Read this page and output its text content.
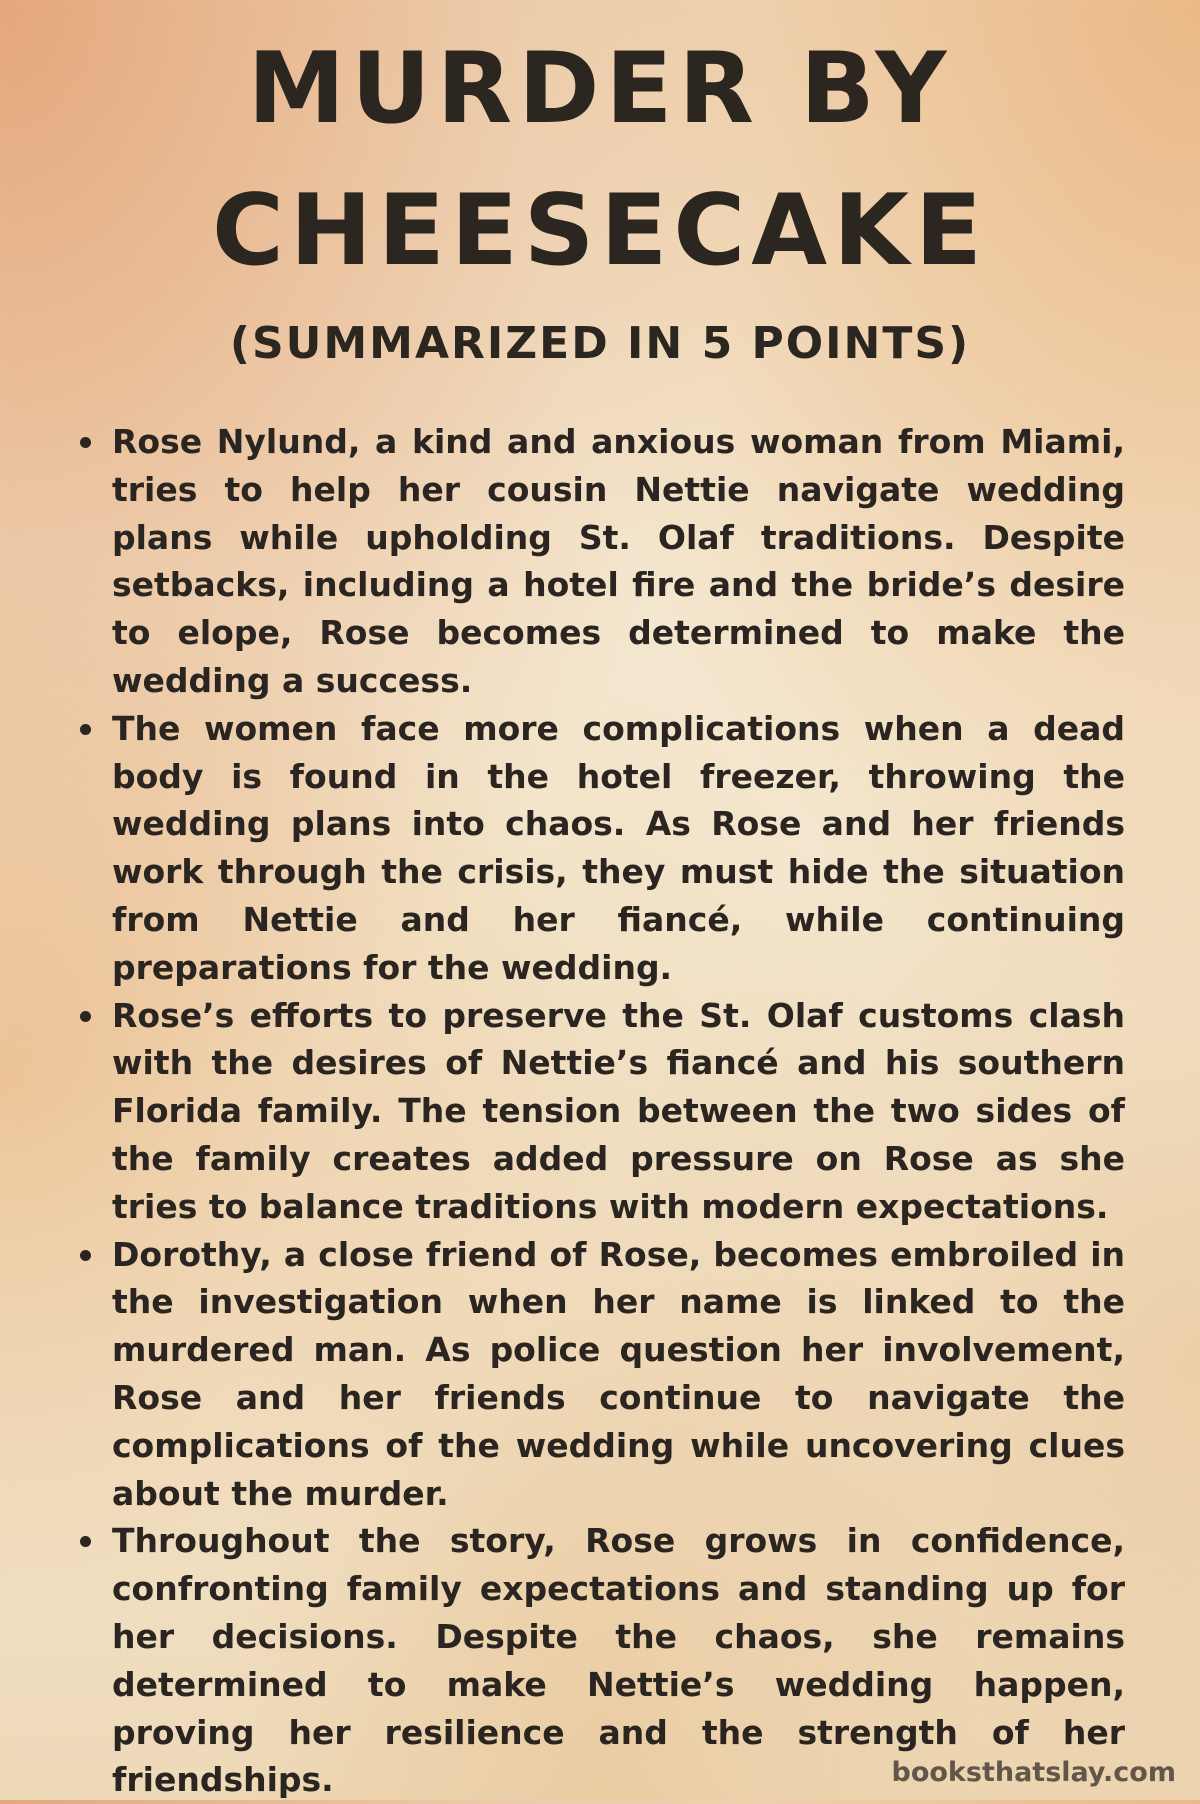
MURDER BY
CHEESECAKE
(SUMMARIZED IN 5 POINTS)
Rose Nylund, a kind and anxious woman from Miami, tries to help her cousin Nettie navigate wedding plans while upholding St. Olaf traditions. Despite setbacks, including a hotel fire and the bride’s desire to elope, Rose becomes determined to make the wedding a success.
The women face more complications when a dead body is found in the hotel freezer, throwing the wedding plans into chaos. As Rose and her friends work through the crisis, they must hide the situation from Nettie and her fiancé, while continuing preparations for the wedding.
Rose’s efforts to preserve the St. Olaf customs clash with the desires of Nettie’s fiancé and his southern Florida family. The tension between the two sides of the family creates added pressure on Rose as she tries to balance traditions with modern expectations.
Dorothy, a close friend of Rose, becomes embroiled in the investigation when her name is linked to the murdered man. As police question her involvement, Rose and her friends continue to navigate the complications of the wedding while uncovering clues about the murder.
Throughout the story, Rose grows in confidence, confronting family expectations and standing up for her decisions. Despite the chaos, she remains determined to make Nettie’s wedding happen, proving her resilience and the strength of her friendships.	booksthatslay.com
